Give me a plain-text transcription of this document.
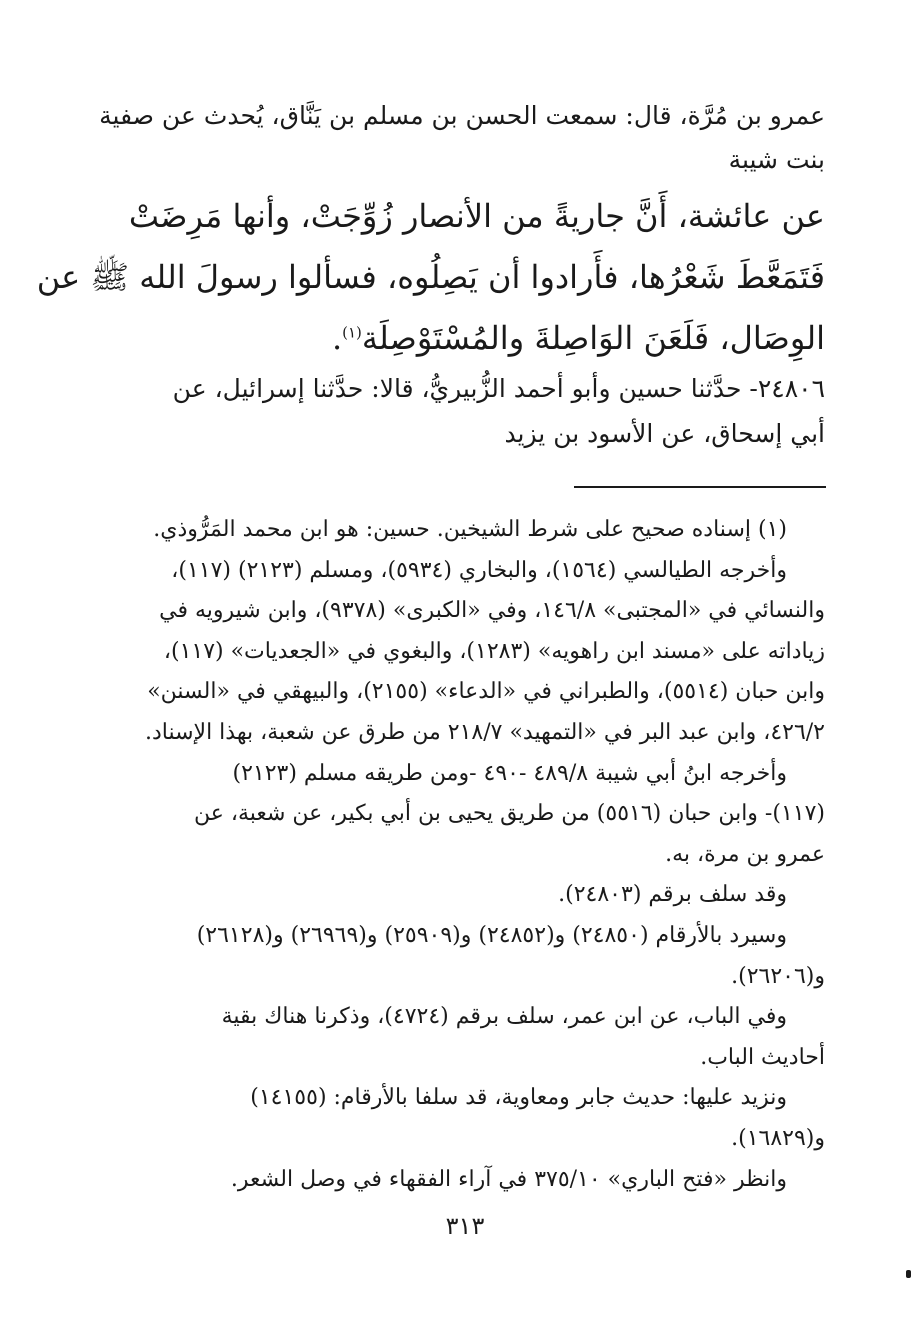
عمرو بن مُرَّة، قال: سمعت الحسن بن مسلم بن يَنَّاق، يُحدث عن صفية
بنت شيبة

عن عائشة، أَنَّ جاريةً من الأنصار زُوِّجَتْ، وأنها مَرِضَتْ
فَتَمَعَّطَ شَعْرُها، فأَرادوا أن يَصِلُوه، فسألوا رسولَ الله ﷺ عن
الوِصَال، فَلَعَنَ الوَاصِلةَ والمُسْتَوْصِلَة$^{(١)}$.

٢٤٨٠٦- حدَّثنا حسين وأبو أحمد الزُّبيريُّ، قالا: حدَّثنا إسرائيل، عن
أبي إسحاق، عن الأسود بن يزيد

(١) إسناده صحيح على شرط الشيخين. حسين: هو ابن محمد المَرُّوذي.
وأخرجه الطيالسي (١٥٦٤)، والبخاري (٥٩٣٤)، ومسلم (٢١٢٣) (١١٧)،
والنسائي في «المجتبى» ١٤٦/٨، وفي «الكبرى» (٩٣٧٨)، وابن شيرويه في
زياداته على «مسند ابن راهويه» (١٢٨٣)، والبغوي في «الجعديات» (١١٧)،
وابن حبان (٥٥١٤)، والطبراني في «الدعاء» (٢١٥٥)، والبيهقي في «السنن»
٤٢٦/٢، وابن عبد البر في «التمهيد» ٢١٨/٧ من طرق عن شعبة، بهذا الإسناد.
وأخرجه ابنُ أبي شيبة ٤٨٩/٨ -٤٩٠ -ومن طريقه مسلم (٢١٢٣)
(١١٧)- وابن حبان (٥٥١٦) من طريق يحيى بن أبي بكير، عن شعبة، عن
عمرو بن مرة، به.
وقد سلف برقم (٢٤٨٠٣).
وسيرد بالأرقام (٢٤٨٥٠) و(٢٤٨٥٢) و(٢٥٩٠٩) و(٢٦٩٦٩) و(٢٦١٢٨)
و(٢٦٢٠٦).
وفي الباب، عن ابن عمر، سلف برقم (٤٧٢٤)، وذكرنا هناك بقية
أحاديث الباب.
ونزيد عليها: حديث جابر ومعاوية، قد سلفا بالأرقام: (١٤١٥٥)
و(١٦٨٢٩).
وانظر «فتح الباري» ٣٧٥/١٠ في آراء الفقهاء في وصل الشعر.
٣١٣
